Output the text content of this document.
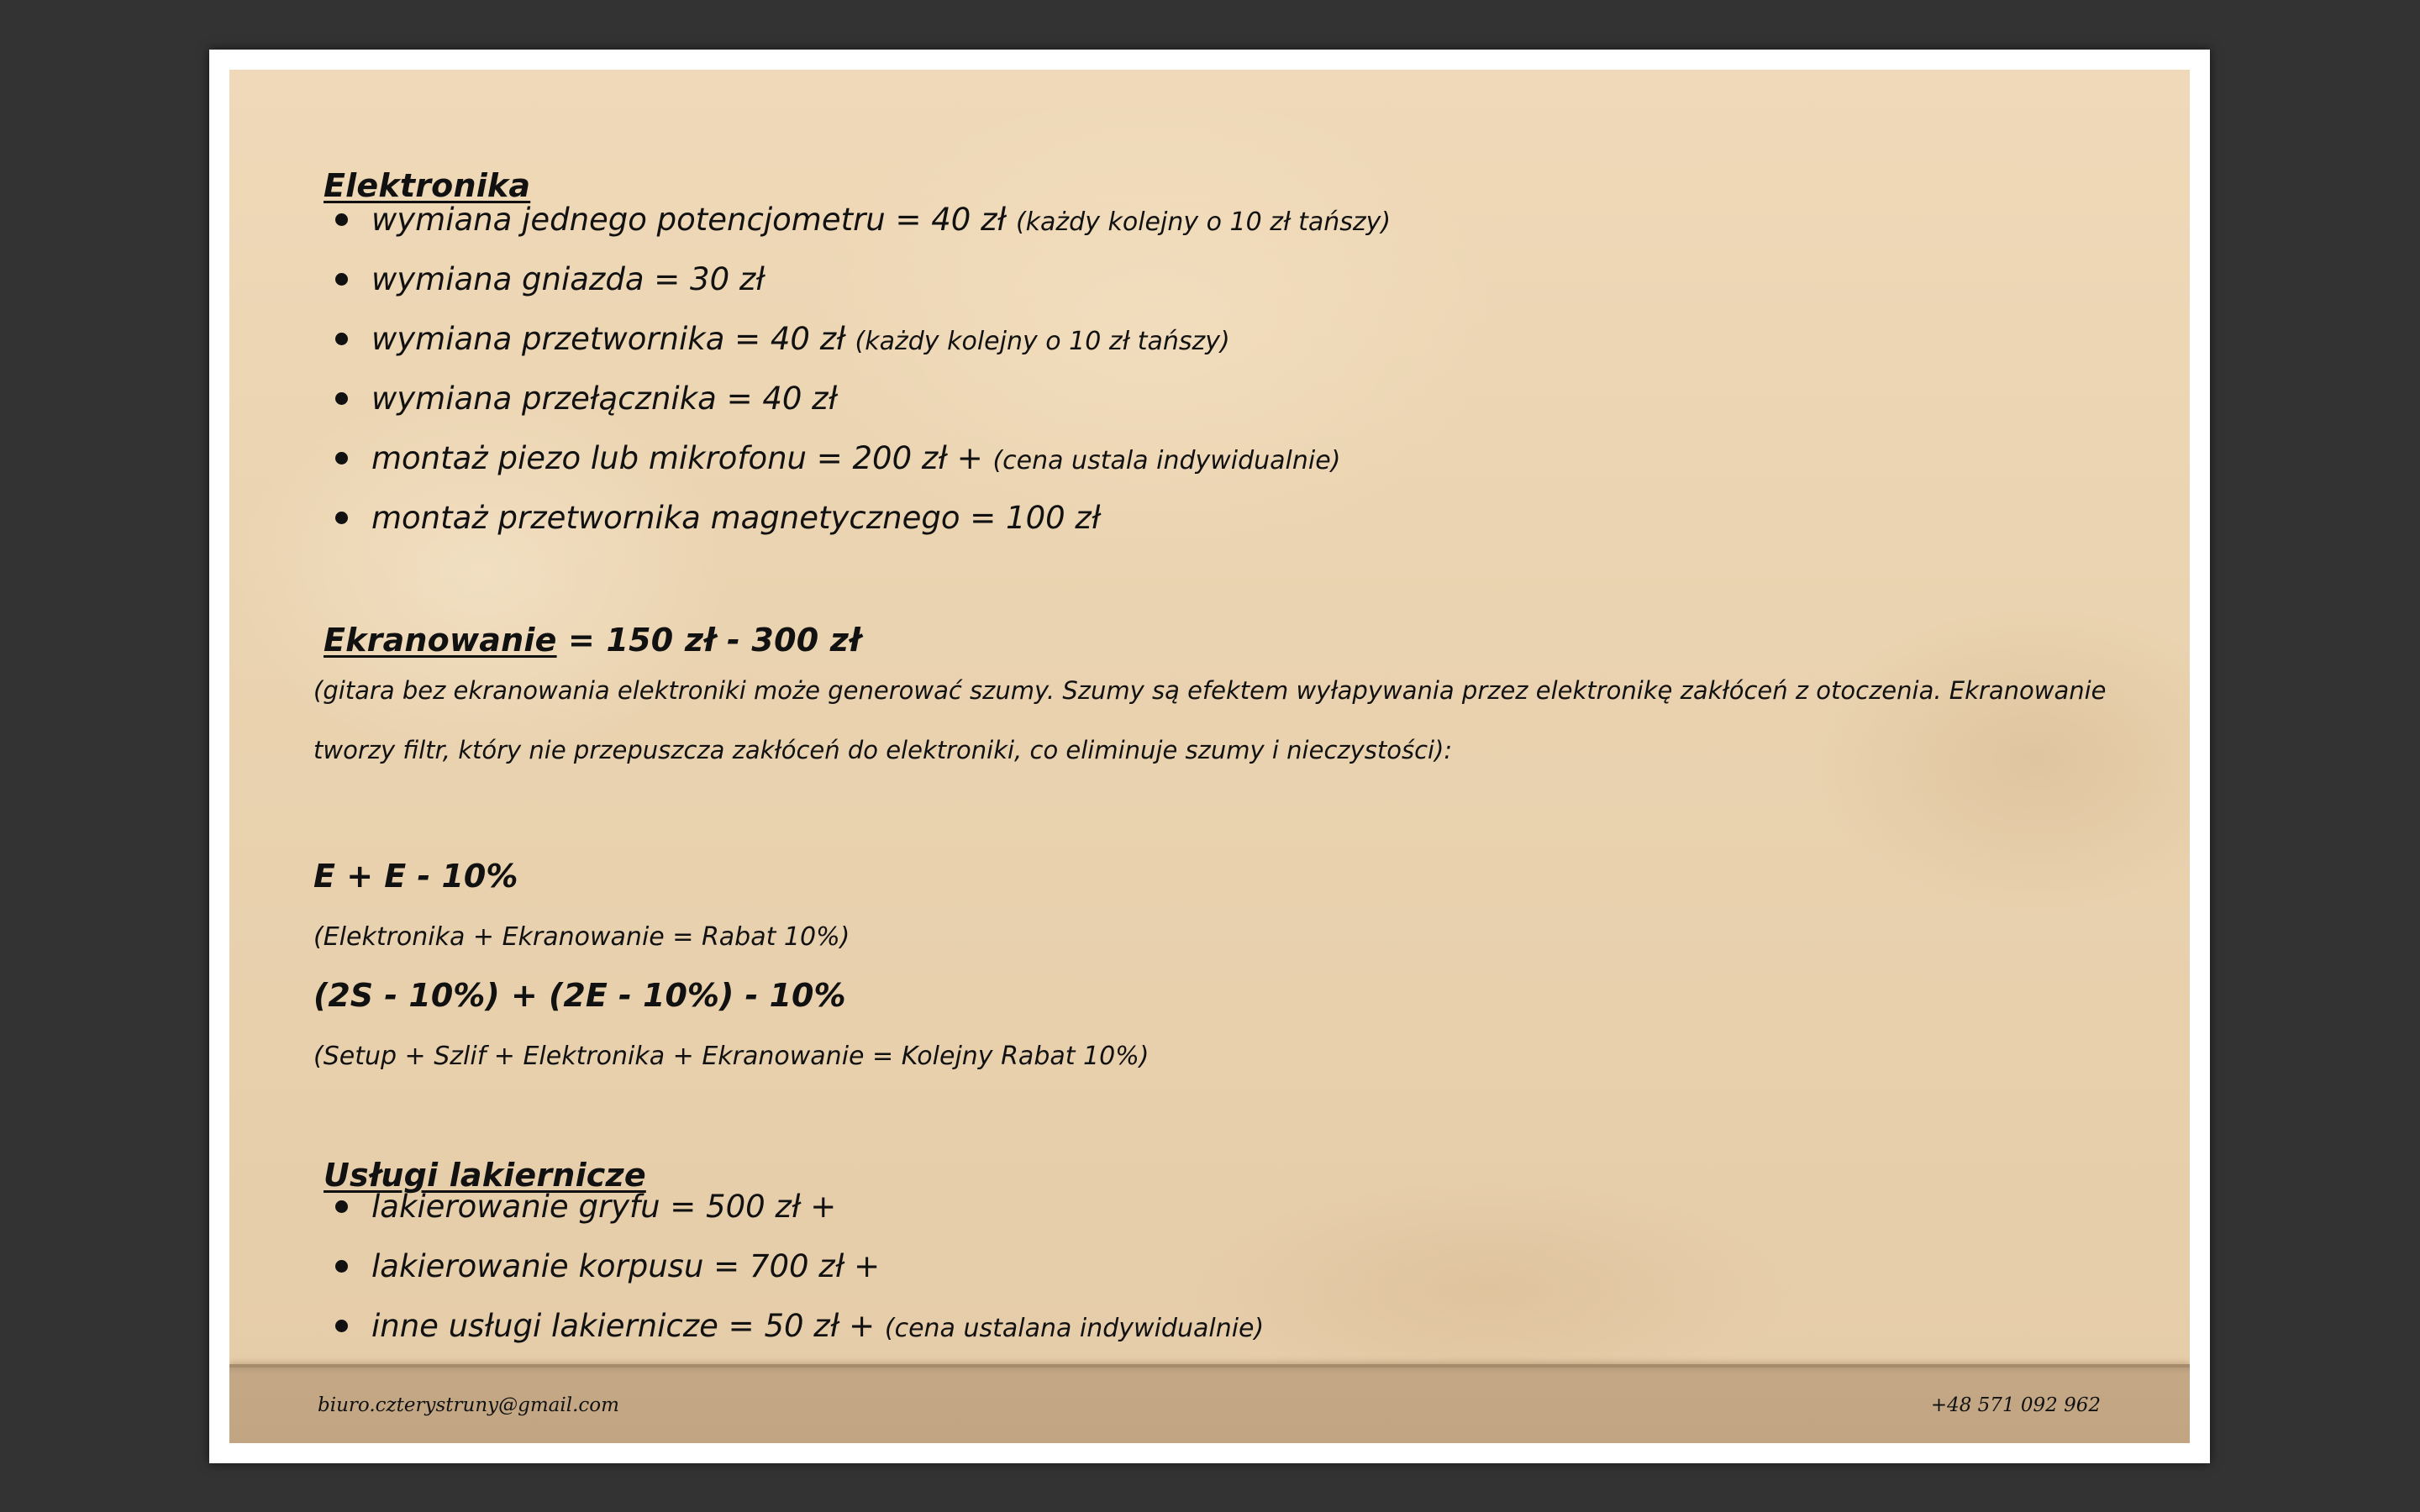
Elektronika
wymiana jednego potencjometru = 40 zł (każdy kolejny o 10 zł tańszy)
wymiana gniazda = 30 zł
wymiana przetwornika = 40 zł (każdy kolejny o 10 zł tańszy)
wymiana przełącznika = 40 zł
montaż piezo lub mikrofonu = 200 zł + (cena ustala indywidualnie)
montaż przetwornika magnetycznego = 100 zł
Ekranowanie = 150 zł - 300 zł
(gitara bez ekranowania elektroniki może generować szumy. Szumy są efektem wyłapywania przez elektronikę zakłóceń z otoczenia. Ekranowanie
tworzy filtr, który nie przepuszcza zakłóceń do elektroniki, co eliminuje szumy i nieczystości):
E + E - 10%
(Elektronika + Ekranowanie = Rabat 10%)
(2S - 10%) + (2E - 10%) - 10%
(Setup + Szlif + Elektronika + Ekranowanie = Kolejny Rabat 10%)
Usługi lakiernicze
lakierowanie gryfu = 500 zł +
lakierowanie korpusu = 700 zł +
inne usługi lakiernicze = 50 zł + (cena ustalana indywidualnie)
biuro.czterystruny@gmail.com	+48 571 092 962
